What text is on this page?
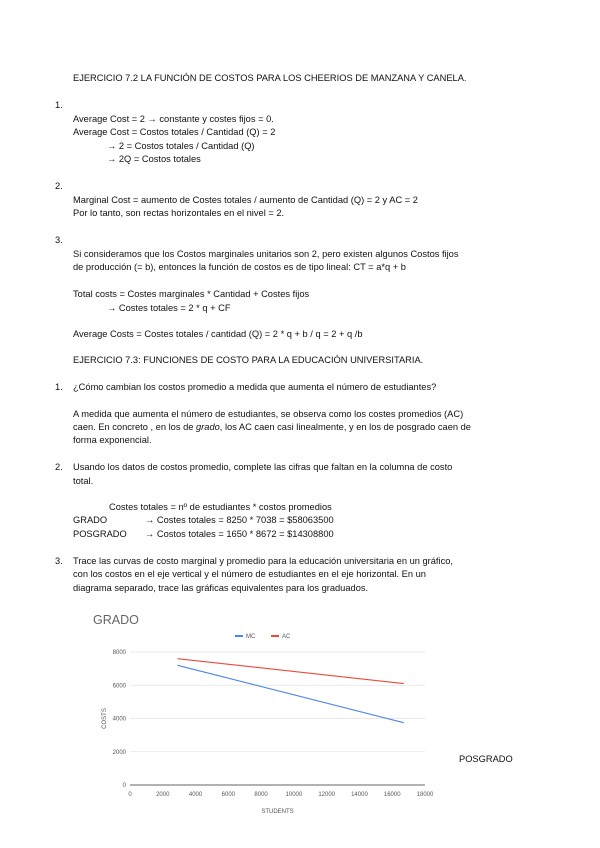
EJERCICIO 7.2 LA FUNCIÓN DE COSTOS PARA LOS CHEERIOS DE MANZANA Y CANELA.
1.
Average Cost = 2 → constante y costes fijos = 0.
Average Cost = Costos totales / Cantidad (Q) = 2
→ 2 = Costos totales / Cantidad (Q)
→ 2Q = Costos totales
2.
Marginal Cost = aumento de Costes totales / aumento de Cantidad (Q) = 2 y AC = 2
Por lo tanto, son rectas horizontales en el nivel = 2.
3.
Si consideramos que los Costos marginales unitarios son 2, pero existen algunos Costos fijos
de producción (= b), entonces la función de costos es de tipo lineal: CT = a*q + b
Total costs = Costes marginales * Cantidad + Costes fijos
→ Costes totales = 2 * q + CF
Average Costs = Costes totales / cantidad (Q) = 2 * q + b / q = 2 + q /b
EJERCICIO 7.3: FUNCIONES DE COSTO PARA LA EDUCACIÓN UNIVERSITARIA.
1. ¿Cómo cambian los costos promedio a medida que aumenta el número de estudiantes?
A medida que aumenta el número de estudiantes, se observa como los costes promedios (AC)
caen. En concreto , en los de grado, los AC caen casi linealmente, y en los de posgrado caen de
forma exponencial.
2. Usando los datos de costos promedio, complete las cifras que faltan en la columna de costo
total.
Costes totales = nº de estudiantes * costos promedios
GRADO	→ Costes totales = 8250 * 7038 = $58063500
POSGRADO → Costos totales = 1650 * 8672 = $14308800
3. Trace las curvas de costo marginal y promedio para la educación universitaria en un gráfico,
con los costos en el eje vertical y el número de estudiantes en el eje horizontal. En un
diagrama separado, trace las gráficas equivalentes para los graduados.
GRADO
0
2000
4000
6000
8000
0	2000	4000	6000	8000	10000	12000	14000	16000	18000
MC	AC
STUDENTS
COSTS
POSGRADO
